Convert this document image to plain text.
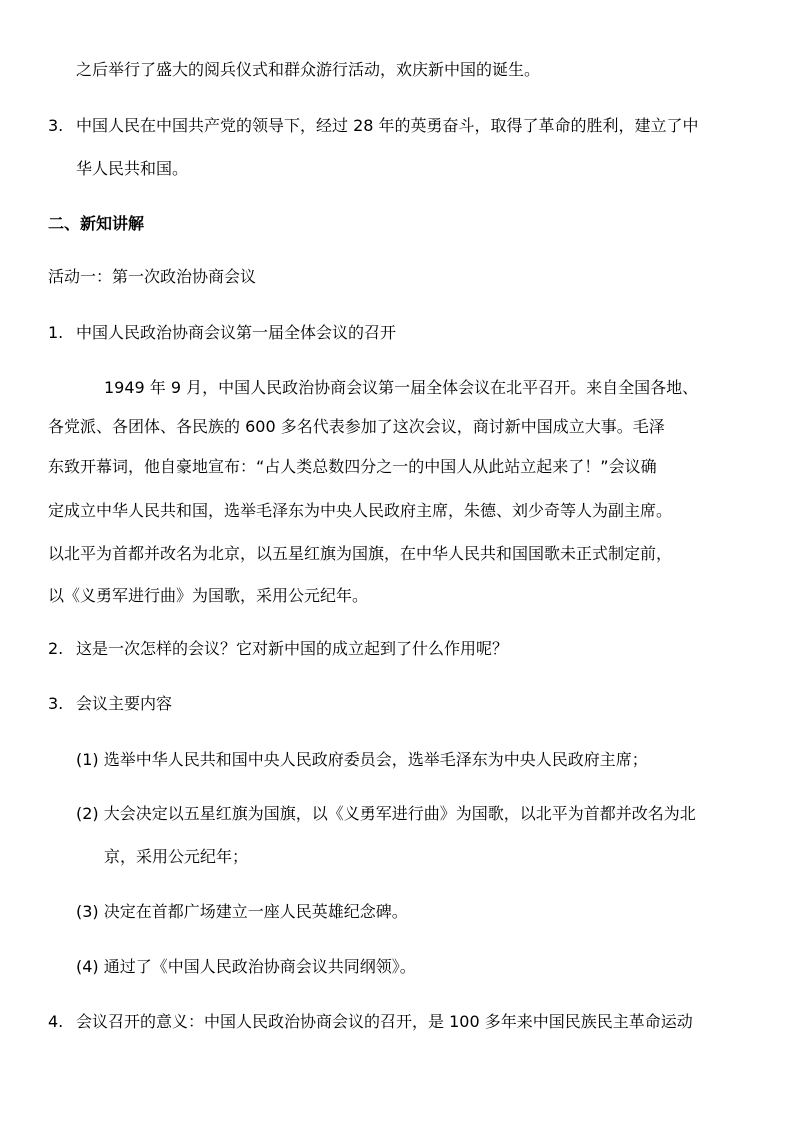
之后举行了盛大的阅兵仪式和群众游行活动，欢庆新中国的诞生。
3. 中国人民在中国共产党的领导下，经过 28 年的英勇奋斗，取得了革命的胜利，建立了中
华人民共和国。
二、新知讲解
活动一：第一次政治协商会议
1. 中国人民政治协商会议第一届全体会议的召开
1949 年 9 月，中国人民政治协商会议第一届全体会议在北平召开。来自全国各地、
各党派、各团体、各民族的 600 多名代表参加了这次会议，商讨新中国成立大事。毛泽
东致开幕词，他自豪地宣布：“占人类总数四分之一的中国人从此站立起来了！”会议确
定成立中华人民共和国，选举毛泽东为中央人民政府主席，朱德、刘少奇等人为副主席。
以北平为首都并改名为北京，以五星红旗为国旗，在中华人民共和国国歌未正式制定前，
以《义勇军进行曲》为国歌，采用公元纪年。
2. 这是一次怎样的会议？它对新中国的成立起到了什么作用呢？
3. 会议主要内容
(1) 选举中华人民共和国中央人民政府委员会，选举毛泽东为中央人民政府主席；
(2) 大会决定以五星红旗为国旗，以《义勇军进行曲》为国歌，以北平为首都并改名为北
京，采用公元纪年；
(3) 决定在首都广场建立一座人民英雄纪念碑。
(4) 通过了《中国人民政治协商会议共同纲领》。
4. 会议召开的意义：中国人民政治协商会议的召开，是 100 多年来中国民族民主革命运动
